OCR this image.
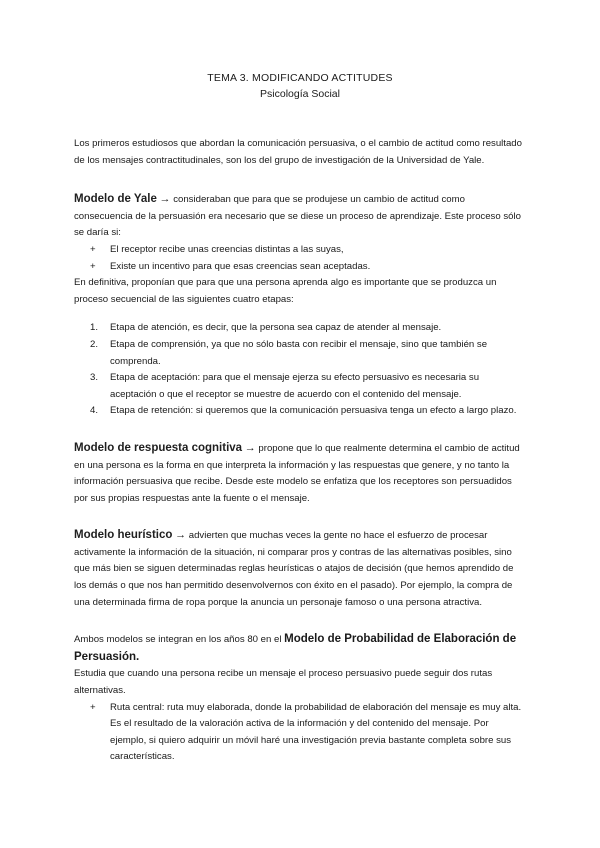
TEMA 3. MODIFICANDO ACTITUDES
Psicología Social

Los primeros estudiosos que abordan la comunicación persuasiva, o el cambio de actitud como resultado de los mensajes contractitudinales, son los del grupo de investigación de la Universidad de Yale.

Modelo de Yale → consideraban que para que se produjese un cambio de actitud como consecuencia de la persuasión era necesario que se diese un proceso de aprendizaje. Este proceso sólo se daría si:

+ El receptor recibe unas creencias distintas a las suyas,
+ Existe un incentivo para que esas creencias sean aceptadas.

En definitiva, proponían que para que una persona aprenda algo es importante que se produzca un proceso secuencial de las siguientes cuatro etapas:

1. Etapa de atención, es decir, que la persona sea capaz de atender al mensaje.
2. Etapa de comprensión, ya que no sólo basta con recibir el mensaje, sino que también se comprenda.
3. Etapa de aceptación: para que el mensaje ejerza su efecto persuasivo es necesaria su aceptación o que el receptor se muestre de acuerdo con el contenido del mensaje.
4. Etapa de retención: si queremos que la comunicación persuasiva tenga un efecto a largo plazo.

Modelo de respuesta cognitiva → propone que lo que realmente determina el cambio de actitud en una persona es la forma en que interpreta la información y las respuestas que genere, y no tanto la información persuasiva que recibe. Desde este modelo se enfatiza que los receptores son persuadidos por sus propias respuestas ante la fuente o el mensaje.

Modelo heurístico → advierten que muchas veces la gente no hace el esfuerzo de procesar activamente la información de la situación, ni comparar pros y contras de las alternativas posibles, sino que más bien se siguen determinadas reglas heurísticas o atajos de decisión (que hemos aprendido de los demás o que nos han permitido desenvolvernos con éxito en el pasado). Por ejemplo, la compra de una determinada firma de ropa porque la anuncia un personaje famoso o una persona atractiva.

Ambos modelos se integran en los años 80 en el Modelo de Probabilidad de Elaboración de Persuasión.

Estudia que cuando una persona recibe un mensaje el proceso persuasivo puede seguir dos rutas alternativas.

+ Ruta central: ruta muy elaborada, donde la probabilidad de elaboración del mensaje es muy alta. Es el resultado de la valoración activa de la información y del contenido del mensaje. Por ejemplo, si quiero adquirir un móvil haré una investigación previa bastante completa sobre sus características.
